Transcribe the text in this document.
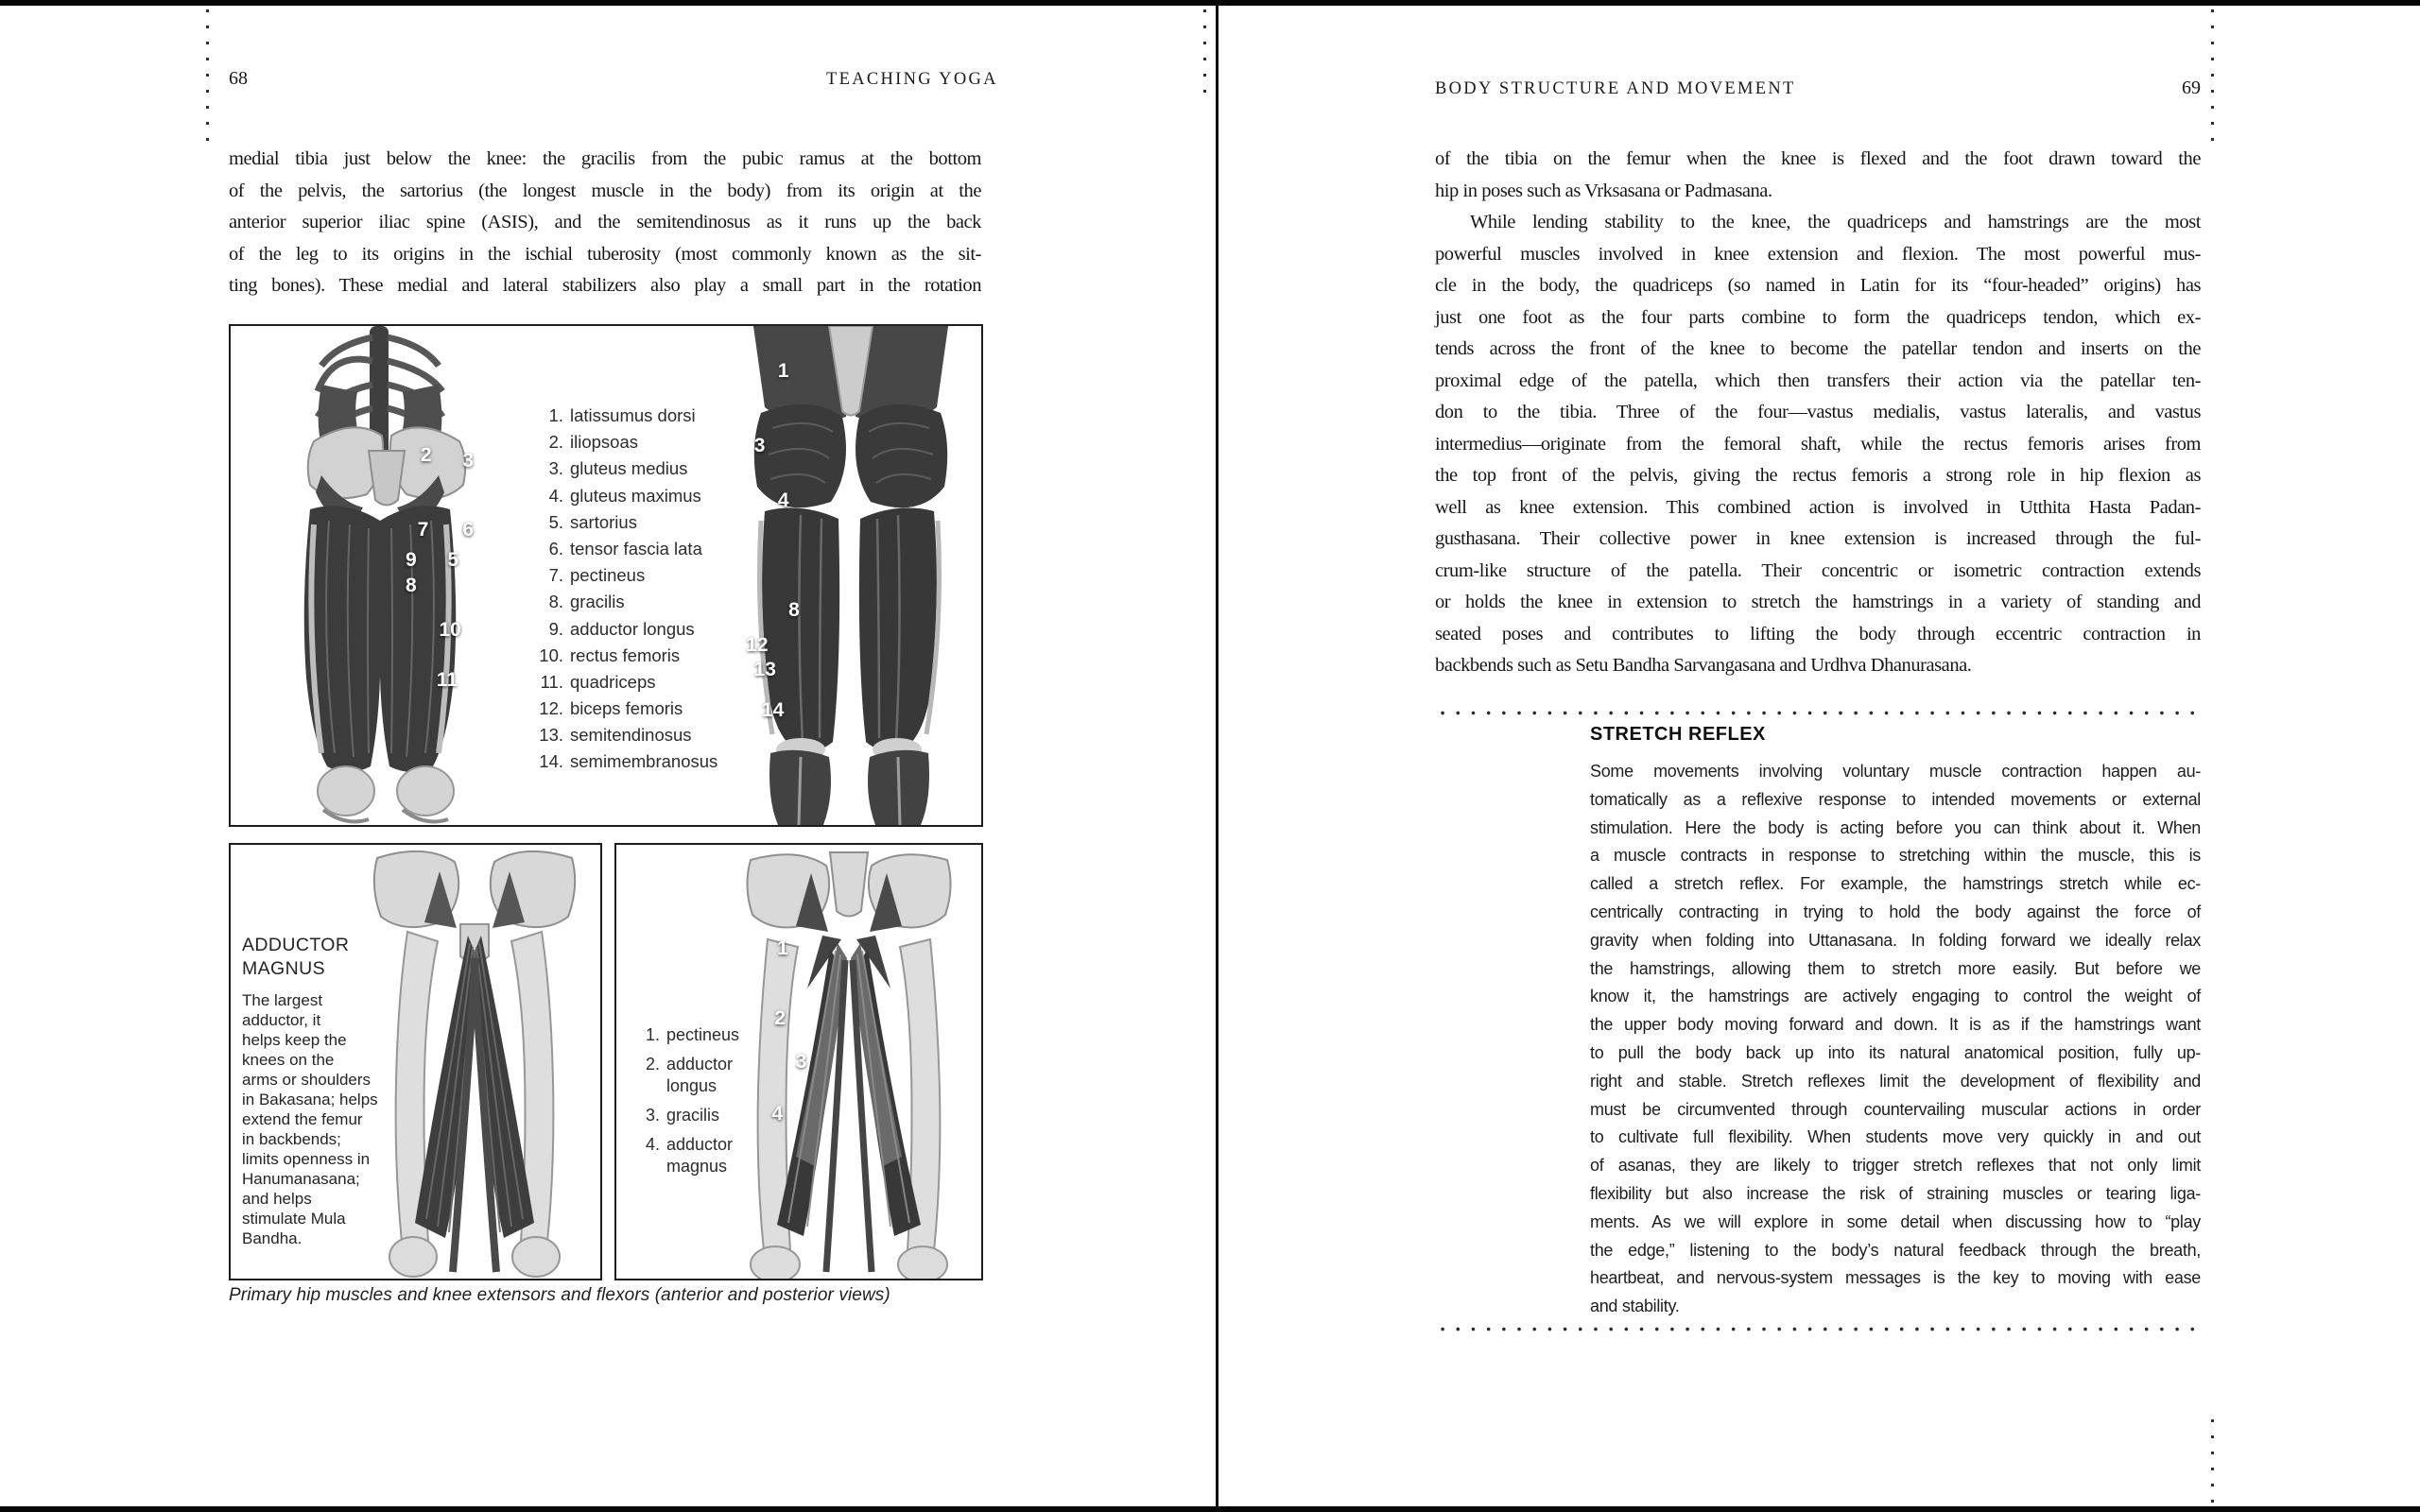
68	TEACHING YOGA
medial tibia just below the knee: the gracilis from the pubic ramus at the bottom
of the pelvis, the sartorius (the longest muscle in the body) from its origin at the
anterior superior iliac spine (ASIS), and the semitendinosus as it runs up the back
of the leg to its origins in the ischial tuberosity (most commonly known as the sit-
ting bones). These medial and lateral stabilizers also play a small part in the rotation
2 3
7 6
9 5
8
10
11
1. latissumus dorsi
2. iliopsoas
3. gluteus medius
4. gluteus maximus
5. sartorius
6. tensor fascia lata
7. pectineus
8. gracilis
9. adductor longus
10. rectus femoris
11. quadriceps
12. biceps femoris
13. semitendinosus
14. semimembranosus
1
3
4
8
12
13
14
ADDUCTOR MAGNUS
The largest
adductor, it
helps keep the
knees on the
arms or shoulders
in Bakasana; helps
extend the femur
in backbends;
limits openness in
Hanumanasana;
and helps
stimulate Mula
Bandha.
1. pectineus
2. adductor longus
3. gracilis
4. adductor magnus
1
2
3
4

Primary hip muscles and knee extensors and flexors (anterior and posterior views)

BODY STRUCTURE AND MOVEMENT	69
of the tibia on the femur when the knee is flexed and the foot drawn toward the
hip in poses such as Vrksasana or Padmasana.
While lending stability to the knee, the quadriceps and hamstrings are the most
powerful muscles involved in knee extension and flexion. The most powerful mus-
cle in the body, the quadriceps (so named in Latin for its “four-headed” origins) has
just one foot as the four parts combine to form the quadriceps tendon, which ex-
tends across the front of the knee to become the patellar tendon and inserts on the
proximal edge of the patella, which then transfers their action via the patellar ten-
don to the tibia. Three of the four—vastus medialis, vastus lateralis, and vastus
intermedius—originate from the femoral shaft, while the rectus femoris arises from
the top front of the pelvis, giving the rectus femoris a strong role in hip flexion as
well as knee extension. This combined action is involved in Utthita Hasta Padan-
gusthasana. Their collective power in knee extension is increased through the ful-
crum-like structure of the patella. Their concentric or isometric contraction extends
or holds the knee in extension to stretch the hamstrings in a variety of standing and
seated poses and contributes to lifting the body through eccentric contraction in
backbends such as Setu Bandha Sarvangasana and Urdhva Dhanurasana.
STRETCH REFLEX
Some movements involving voluntary muscle contraction happen au-
tomatically as a reflexive response to intended movements or external
stimulation. Here the body is acting before you can think about it. When
a muscle contracts in response to stretching within the muscle, this is
called a stretch reflex. For example, the hamstrings stretch while ec-
centrically contracting in trying to hold the body against the force of
gravity when folding into Uttanasana. In folding forward we ideally relax
the hamstrings, allowing them to stretch more easily. But before we
know it, the hamstrings are actively engaging to control the weight of
the upper body moving forward and down. It is as if the hamstrings want
to pull the body back up into its natural anatomical position, fully up-
right and stable. Stretch reflexes limit the development of flexibility and
must be circumvented through countervailing muscular actions in order
to cultivate full flexibility. When students move very quickly in and out
of asanas, they are likely to trigger stretch reflexes that not only limit
flexibility but also increase the risk of straining muscles or tearing liga-
ments. As we will explore in some detail when discussing how to “play
the edge,” listening to the body’s natural feedback through the breath,
heartbeat, and nervous-system messages is the key to moving with ease
and stability.
